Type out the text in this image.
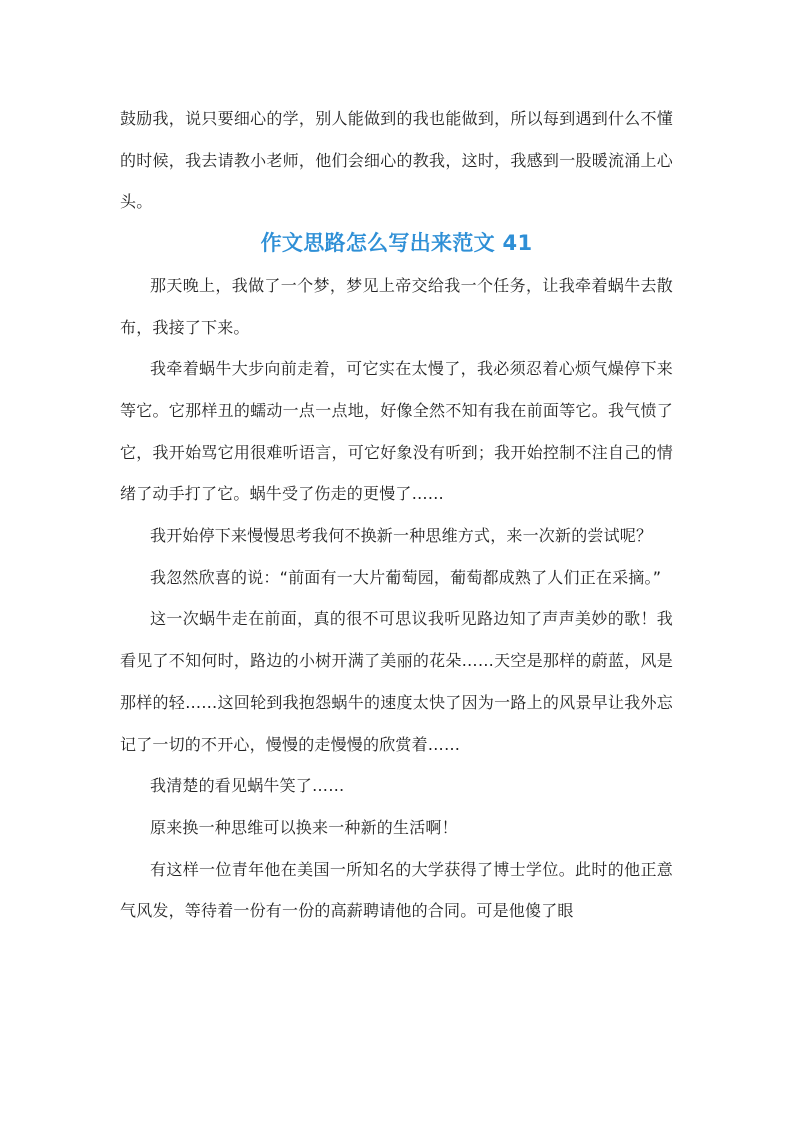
鼓励我，说只要细心的学，别人能做到的我也能做到，所以每到遇到什么不懂的时候，我去请教小老师，他们会细心的教我，这时，我感到一股暖流涌上心头。

作文思路怎么写出来范文 41

那天晚上，我做了一个梦，梦见上帝交给我一个任务，让我牵着蜗牛去散布，我接了下来。

我牵着蜗牛大步向前走着，可它实在太慢了，我必须忍着心烦气燥停下来等它。它那样丑的蠕动一点一点地，好像全然不知有我在前面等它。我气愤了它，我开始骂它用很难听语言，可它好象没有听到；我开始控制不注自己的情绪了动手打了它。蜗牛受了伤走的更慢了……

我开始停下来慢慢思考我何不换新一种思维方式，来一次新的尝试呢？

我忽然欣喜的说：“前面有一大片葡萄园，葡萄都成熟了人们正在采摘。”

这一次蜗牛走在前面，真的很不可思议我听见路边知了声声美妙的歌！我看见了不知何时，路边的小树开满了美丽的花朵……天空是那样的蔚蓝，风是那样的轻……这回轮到我抱怨蜗牛的速度太快了因为一路上的风景早让我外忘记了一切的不开心，慢慢的走慢慢的欣赏着……

我清楚的看见蜗牛笑了……

原来换一种思维可以换来一种新的生活啊！

有这样一位青年他在美国一所知名的大学获得了博士学位。此时的他正意气风发，等待着一份有一份的高薪聘请他的合同。可是他傻了眼
